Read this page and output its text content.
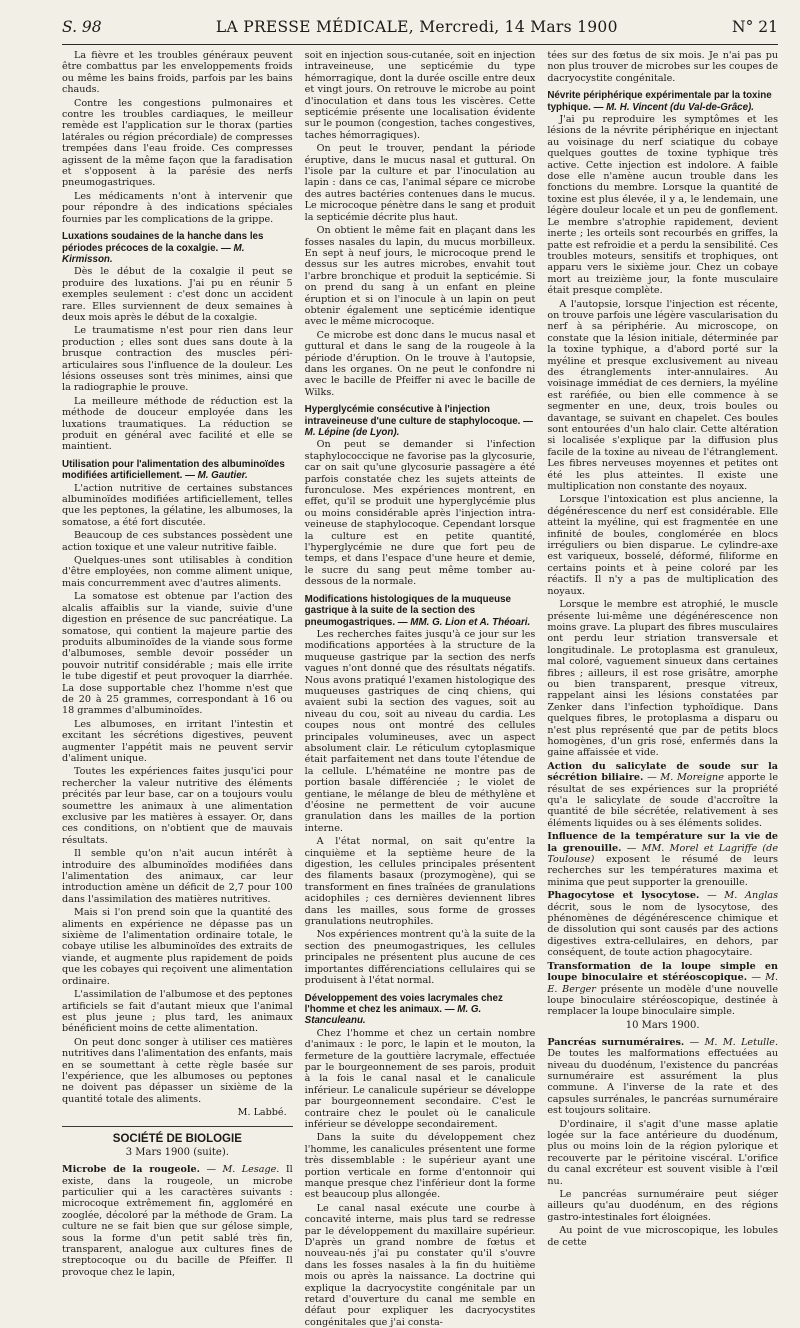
S. 98	LA PRESSE MÉDICALE, Mercredi, 14 Mars 1900	N° 21

La fièvre et les troubles généraux peuvent être combattus par les enveloppements froids ou même les bains froids, parfois par les bains chauds.

Contre les congestions pulmonaires et contre les troubles cardiaques, le meilleur remède est l'application sur le thorax (parties latérales ou région précordiale) de compresses trempées dans l'eau froide. Ces compresses agissent de la même façon que la faradisation et s'opposent à la parésie des nerfs pneumogastriques.

Les médicaments n'ont à intervenir que pour répondre à des indications spéciales fournies par les complications de la grippe.

Luxations soudaines de la hanche dans les périodes précoces de la coxalgie. — M. Kirmisson.

Dès le début de la coxalgie il peut se produire des luxations. J'ai pu en réunir 5 exemples seulement : c'est donc un accident rare. Elles surviennent de deux semaines à deux mois après le début de la coxalgie.

Le traumatisme n'est pour rien dans leur production ; elles sont dues sans doute à la brusque contraction des muscles péri-articulaires sous l'influence de la douleur. Les lésions osseuses sont très minimes, ainsi que la radiographie le prouve.

La meilleure méthode de réduction est la méthode de douceur employée dans les luxations traumatiques. La réduction se produit en général avec facilité et elle se maintient.

Utilisation pour l'alimentation des albuminoïdes modifiées artificiellement. — M. Gautier.

L'action nutritive de certaines substances albuminoïdes modifiées artificiellement, telles que les peptones, la gélatine, les albumoses, la somatose, a été fort discutée.

Beaucoup de ces substances possèdent une action toxique et une valeur nutritive faible.

Quelques-unes sont utilisables à condition d'être employées, non comme aliment unique, mais concurremment avec d'autres aliments.

La somatose est obtenue par l'action des alcalis affaiblis sur la viande, suivie d'une digestion en présence de suc pancréatique. La somatose, qui contient la majeure partie des produits albuminoïdes de la viande sous forme d'albumoses, semble devoir posséder un pouvoir nutritif considérable ; mais elle irrite le tube digestif et peut provoquer la diarrhée. La dose supportable chez l'homme n'est que de 20 à 25 grammes, correspondant à 16 ou 18 grammes d'albuminoïdes.

Les albumoses, en irritant l'intestin et excitant les sécrétions digestives, peuvent augmenter l'appétit mais ne peuvent servir d'aliment unique.

Toutes les expériences faites jusqu'ici pour rechercher la valeur nutritive des éléments précités par leur base, car on a toujours voulu soumettre les animaux à une alimentation exclusive par les matières à essayer. Or, dans ces conditions, on n'obtient que de mauvais résultats.

Il semble qu'on n'ait aucun intérêt à introduire des albuminoïdes modifiées dans l'alimentation des animaux, car leur introduction amène un déficit de 2,7 pour 100 dans l'assimilation des matières nutritives.

Mais si l'on prend soin que la quantité des aliments en expérience ne dépasse pas un sixième de l'alimentation ordinaire totale, le cobaye utilise les albuminoïdes des extraits de viande, et augmente plus rapidement de poids que les cobayes qui reçoivent une alimentation ordinaire.

L'assimilation de l'albumose et des peptones artificiels se fait d'autant mieux que l'animal est plus jeune ; plus tard, les animaux bénéficient moins de cette alimentation.

On peut donc songer à utiliser ces matières nutritives dans l'alimentation des enfants, mais en se soumettant à cette règle basée sur l'expérience, que les albumoses ou peptones ne doivent pas dépasser un sixième de la quantité totale des aliments.

M. Labbé.
SOCIÉTÉ DE BIOLOGIE
3 Mars 1900 (suite).

Microbe de la rougeole. — M. Lesage. Il existe, dans la rougeole, un microbe particulier qui a les caractères suivants : microcoque extrêmement fin, aggloméré en zooglée, décoloré par la méthode de Gram. La culture ne se fait bien que sur gélose simple, sous la forme d'un petit sablé très fin, transparent, analogue aux cultures fines de streptocoque ou du bacille de Pfeiffer. Il provoque chez le lapin,

soit en injection sous-cutanée, soit en injection intraveineuse, une septicémie du type hémorragique, dont la durée oscille entre deux et vingt jours. On retrouve le microbe au point d'inoculation et dans tous les viscères. Cette septicémie présente une localisation évidente sur le poumon (congestion, taches congestives, taches hémorragiques).

On peut le trouver, pendant la période éruptive, dans le mucus nasal et guttural. On l'isole par la culture et par l'inoculation au lapin : dans ce cas, l'animal sépare ce microbe des autres bactéries contenues dans le mucus. Le microcoque pénètre dans le sang et produit la septicémie décrite plus haut.

On obtient le même fait en plaçant dans les fosses nasales du lapin, du mucus morbilleux. En sept à neuf jours, le microcoque prend le dessus sur les autres microbes, envahit tout l'arbre bronchique et produit la septicémie. Si on prend du sang à un enfant en pleine éruption et si on l'inocule à un lapin on peut obtenir également une septicémie identique avec le même microcoque.

Ce microbe est donc dans le mucus nasal et guttural et dans le sang de la rougeole à la période d'éruption. On le trouve à l'autopsie, dans les organes. On ne peut le confondre ni avec le bacille de Pfeiffer ni avec le bacille de Wilks.

Hyperglycémie consécutive à l'injection intraveineuse d'une culture de staphylocoque. — M. Lépine (de Lyon).

On peut se demander si l'infection staphylococcique ne favorise pas la glycosurie, car on sait qu'une glycosurie passagère a été parfois constatée chez les sujets atteints de furonculose. Mes expériences montrent, en effet, qu'il se produit une hyperglycémie plus ou moins considérable après l'injection intra-veineuse de staphylocoque. Cependant lorsque la culture est en petite quantité, l'hyperglycémie ne dure que fort peu de temps, et dans l'espace d'une heure et demie, le sucre du sang peut même tomber au-dessous de la normale.

Modifications histologiques de la muqueuse gastrique à la suite de la section des pneumogastriques. — MM. G. Lion et A. Théoari.

Les recherches faites jusqu'à ce jour sur les modifications apportées à la structure de la muqueuse gastrique par la section des nerfs vagues n'ont donné que des résultats négatifs. Nous avons pratiqué l'examen histologique des muqueuses gastriques de cinq chiens, qui avaient subi la section des vagues, soit au niveau du cou, soit au niveau du cardia. Les coupes nous ont montré des cellules principales volumineuses, avec un aspect absolument clair. Le réticulum cytoplasmique était parfaitement net dans toute l'étendue de la cellule. L'hématéine ne montre pas de portion basale différenciée ; le violet de gentiane, le mélange de bleu de méthylène et d'éosine ne permettent de voir aucune granulation dans les mailles de la portion interne.

A l'état normal, on sait qu'entre la cinquième et la septième heure de la digestion, les cellules principales présentent des filaments basaux (prozymogène), qui se transforment en fines traînées de granulations acidophiles ; ces dernières deviennent libres dans les mailles, sous forme de grosses granulations neutrophiles.

Nos expériences montrent qu'à la suite de la section des pneumogastriques, les cellules principales ne présentent plus aucune de ces importantes différenciations cellulaires qui se produisent à l'état normal.

Développement des voies lacrymales chez l'homme et chez les animaux. — M. G. Stanculeanu.

Chez l'homme et chez un certain nombre d'animaux : le porc, le lapin et le mouton, la fermeture de la gouttière lacrymale, effectuée par le bourgeonnement de ses parois, produit à la fois le canal nasal et le canalicule inférieur. Le canalicule supérieur se développe par bourgeonnement secondaire. C'est le contraire chez le poulet où le canalicule inférieur se développe secondairement.

Dans la suite du développement chez l'homme, les canalicules présentent une forme très dissemblable : le supérieur ayant une portion verticale en forme d'entonnoir qui manque presque chez l'inférieur dont la forme est beaucoup plus allongée.

Le canal nasal exécute une courbe à concavité interne, mais plus tard se redresse par le développement du maxillaire supérieur. D'après un grand nombre de fœtus et nouveau-nés j'ai pu constater qu'il s'ouvre dans les fosses nasales à la fin du huitième mois ou après la naissance. La doctrine qui explique la dacryocystite congénitale par un retard d'ouverture du canal me semble en défaut pour expliquer les dacryocystites congénitales que j'ai consta-

tées sur des fœtus de six mois. Je n'ai pas pu non plus trouver de microbes sur les coupes de dacryocystite congénitale.

Névrite périphérique expérimentale par la toxine typhique. — M. H. Vincent (du Val-de-Grâce).

J'ai pu reproduire les symptômes et les lésions de la névrite périphérique en injectant au voisinage du nerf sciatique du cobaye quelques gouttes de toxine typhique très active. Cette injection est indolore. A faible dose elle n'amène aucun trouble dans les fonctions du membre. Lorsque la quantité de toxine est plus élevée, il y a, le lendemain, une légère douleur locale et un peu de gonflement. Le membre s'atrophie rapidement, devient inerte ; les orteils sont recourbés en griffes, la patte est refroidie et a perdu la sensibilité. Ces troubles moteurs, sensitifs et trophiques, ont apparu vers le sixième jour. Chez un cobaye mort au treizième jour, la fonte musculaire était presque complète.

A l'autopsie, lorsque l'injection est récente, on trouve parfois une légère vascularisation du nerf à sa périphérie. Au microscope, on constate que la lésion initiale, déterminée par la toxine typhique, a d'abord porté sur la myéline et presque exclusivement au niveau des étranglements inter-annulaires. Au voisinage immédiat de ces derniers, la myéline est raréfiée, ou bien elle commence à se segmenter en une, deux, trois boules ou davantage, se suivant en chapelet. Ces boules sont entourées d'un halo clair. Cette altération si localisée s'explique par la diffusion plus facile de la toxine au niveau de l'étranglement. Les fibres nerveuses moyennes et petites ont été les plus atteintes. Il existe une multiplication non constante des noyaux.

Lorsque l'intoxication est plus ancienne, la dégénérescence du nerf est considérable. Elle atteint la myéline, qui est fragmentée en une infinité de boules, conglomérée en blocs irréguliers ou bien disparue. Le cylindre-axe est variqueux, bosselé, déformé, filiforme en certains points et à peine coloré par les réactifs. Il n'y a pas de multiplication des noyaux.

Lorsque le membre est atrophié, le muscle présente lui-même une dégénérescence non moins grave. La plupart des fibres musculaires ont perdu leur striation transversale et longitudinale. Le protoplasma est granuleux, mal coloré, vaguement sinueux dans certaines fibres ; ailleurs, il est rose grisâtre, amorphe ou bien transparent, presque vitreux, rappelant ainsi les lésions constatées par Zenker dans l'infection typhoïdique. Dans quelques fibres, le protoplasma a disparu ou n'est plus représenté que par de petits blocs homogènes, d'un gris rosé, enfermés dans la gaine affaissée et vide.

Action du salicylate de soude sur la sécrétion biliaire. — M. Moreigne apporte le résultat de ses expériences sur la propriété qu'a le salicylate de soude d'accroître la quantité de bile sécrétée, relativement à ses éléments liquides ou à ses éléments solides.

Influence de la température sur la vie de la grenouille. — MM. Morel et Lagriffe (de Toulouse) exposent le résumé de leurs recherches sur les températures maxima et minima que peut supporter la grenouille.

Phagocytose et lysocytose. — M. Anglas décrit, sous le nom de lysocytose, des phénomènes de dégénérescence chimique et de dissolution qui sont causés par des actions digestives extra-cellulaires, en dehors, par conséquent, de toute action phagocytaire.

Transformation de la loupe simple en loupe binoculaire et stéréoscopique. — M. E. Berger présente un modèle d'une nouvelle loupe binoculaire stéréoscopique, destinée à remplacer la loupe binoculaire simple.

10 Mars 1900.

Pancréas surnuméraires. — M. M. Letulle. De toutes les malformations effectuées au niveau du duodénum, l'existence du pancréas surnuméraire est assurément la plus commune. A l'inverse de la rate et des capsules surrénales, le pancréas surnuméraire est toujours solitaire.

D'ordinaire, il s'agit d'une masse aplatie logée sur la face antérieure du duodénum, plus ou moins loin de la région pylorique et recouverte par le péritoine viscéral. L'orifice du canal excréteur est souvent visible à l'œil nu.

Le pancréas surnuméraire peut siéger ailleurs qu'au duodénum, en des régions gastro-intestinales fort éloignées.

Au point de vue microscopique, les lobules de cette
